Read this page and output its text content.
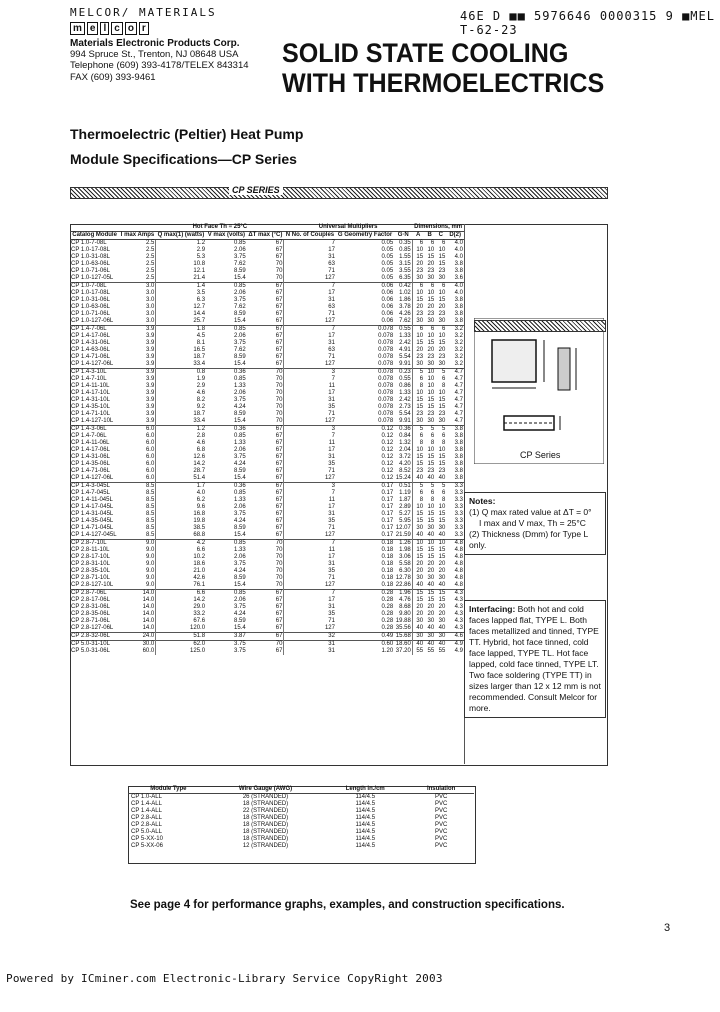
MELCOR/ MATERIALS	46E D ■■ 5976646 0000315 9 ■MEL T-62-23
m e l c o r
Materials Electronic Products Corp.
994 Spruce St., Trenton, NJ 08648 USA
Telephone (609) 393-4178/TELEX 843314
FAX (609) 393-9461
SOLID STATE COOLING
WITH THERMOELECTRICS
Thermoelectric (Peltier) Heat Pump
Module Specifications—CP Series
CP SERIES
		Hot Face Th = 25°C			Universal Multipliers			Dimensions, mm			
Catalog Module	I max Amps	Q max(1) (watts)	V max (volts)	ΔT max (°C)	N No. of Couples	G Geometry Factor	G·N	A	B	C	D(2)
CP 1.0-7-08L	2.5	1.2	0.85	67	7	0.05	0.35	6	6	6	4.0
CP 1.0-17-08L	2.5	2.9	2.06	67	17	0.05	0.85	10	10	10	4.0
CP 1.0-31-08L	2.5	5.3	3.75	67	31	0.05	1.55	15	15	15	4.0
CP 1.0-63-06L	2.5	10.8	7.62	70	63	0.05	3.15	20	20	15	3.8
CP 1.0-71-06L	2.5	12.1	8.59	70	71	0.05	3.55	23	23	23	3.8
CP 1.0-127-05L	2.5	21.4	15.4	70	127	0.05	6.35	30	30	30	3.6
CP 1.0-7-08L	3.0	1.4	0.85	67	7	0.06	0.42	6	6	6	4.0
CP 1.0-17-08L	3.0	3.5	2.06	67	17	0.06	1.02	10	10	10	4.0
CP 1.0-31-06L	3.0	6.3	3.75	67	31	0.06	1.86	15	15	15	3.8
CP 1.0-63-06L	3.0	12.7	7.62	67	63	0.06	3.78	20	20	20	3.8
CP 1.0-71-06L	3.0	14.4	8.59	67	71	0.06	4.26	23	23	23	3.8
CP 1.0-127-06L	3.0	25.7	15.4	67	127	0.06	7.62	30	30	30	3.8
CP 1.4-7-06L	3.9	1.8	0.85	67	7	0.078	0.55	6	6	6	3.2
CP 1.4-17-06L	3.9	4.5	2.06	67	17	0.078	1.33	10	10	10	3.2
CP 1.4-31-06L	3.9	8.1	3.75	67	31	0.078	2.42	15	15	15	3.2
CP 1.4-63-06L	3.9	16.5	7.62	67	63	0.078	4.91	20	20	20	3.2
CP 1.4-71-06L	3.9	18.7	8.59	67	71	0.078	5.54	23	23	23	3.2
CP 1.4-127-06L	3.9	33.4	15.4	67	127	0.078	9.91	30	30	30	3.2
CP 1.4-3-10L	3.9	0.8	0.36	70	3	0.078	0.23	5	10	5	4.7
CP 1.4-7-10L	3.9	1.9	0.85	70	7	0.078	0.55	6	10	6	4.7
CP 1.4-11-10L	3.9	2.9	1.33	70	11	0.078	0.86	8	10	8	4.7
CP 1.4-17-10L	3.9	4.6	2.06	70	17	0.078	1.33	10	10	10	4.7
CP 1.4-31-10L	3.9	8.2	3.75	70	31	0.078	2.42	15	15	15	4.7
CP 1.4-35-10L	3.9	9.2	4.24	70	35	0.078	2.73	15	15	15	4.7
CP 1.4-71-10L	3.9	18.7	8.59	70	71	0.078	5.54	23	23	23	4.7
CP 1.4-127-10L	3.9	33.4	15.4	70	127	0.078	9.91	30	30	30	4.7
CP 1.4-3-06L	6.0	1.2	0.36	67	3	0.12	0.36	5	5	5	3.8
CP 1.4-7-06L	6.0	2.8	0.85	67	7	0.12	0.84	6	6	6	3.8
CP 1.4-11-06L	6.0	4.6	1.33	67	11	0.12	1.32	8	8	8	3.8
CP 1.4-17-06L	6.0	6.8	2.06	67	17	0.12	2.04	10	10	10	3.8
CP 1.4-31-06L	6.0	12.6	3.75	67	31	0.12	3.72	15	15	15	3.8
CP 1.4-35-06L	6.0	14.2	4.24	67	35	0.12	4.20	15	15	15	3.8
CP 1.4-71-06L	6.0	28.7	8.59	67	71	0.12	8.52	23	23	23	3.8
CP 1.4-127-06L	6.0	51.4	15.4	67	127	0.12	15.24	40	40	40	3.8
CP 1.4-3-045L	8.5	1.7	0.36	67	3	0.17	0.51	5	5	5	3.3
CP 1.4-7-045L	8.5	4.0	0.85	67	7	0.17	1.19	6	6	6	3.3
CP 1.4-11-045L	8.5	6.2	1.33	67	11	0.17	1.87	8	8	8	3.3
CP 1.4-17-045L	8.5	9.6	2.06	67	17	0.17	2.89	10	10	10	3.3
CP 1.4-31-045L	8.5	16.8	3.75	67	31	0.17	5.27	15	15	15	3.3
CP 1.4-35-045L	8.5	19.8	4.24	67	35	0.17	5.95	15	15	15	3.3
CP 1.4-71-045L	8.5	38.5	8.59	67	71	0.17	12.07	30	30	30	3.3
CP 1.4-127-045L	8.5	68.8	15.4	67	127	0.17	21.59	40	40	40	3.3
CP 2.8-7-10L	9.0	4.2	0.85	70	7	0.18	1.26	10	10	10	4.8
CP 2.8-11-10L	9.0	6.6	1.33	70	11	0.18	1.98	15	15	15	4.8
CP 2.8-17-10L	9.0	10.2	2.06	70	17	0.18	3.06	15	15	15	4.8
CP 2.8-31-10L	9.0	18.6	3.75	70	31	0.18	5.58	20	20	20	4.8
CP 2.8-35-10L	9.0	21.0	4.24	70	35	0.18	6.30	20	20	20	4.8
CP 2.8-71-10L	9.0	42.6	8.59	70	71	0.18	12.78	30	30	30	4.8
CP 2.8-127-10L	9.0	76.1	15.4	70	127	0.18	22.86	40	40	40	4.8
CP 2.8-7-06L	14.0	6.6	0.85	67	7	0.28	1.96	15	15	15	4.3
CP 2.8-17-06L	14.0	14.2	2.06	67	17	0.28	4.76	15	15	15	4.3
CP 2.8-31-06L	14.0	29.0	3.75	67	31	0.28	8.68	20	20	20	4.3
CP 2.8-35-06L	14.0	33.2	4.24	67	35	0.28	9.80	20	20	20	4.3
CP 2.8-71-06L	14.0	67.6	8.59	67	71	0.28	19.88	30	30	30	4.3
CP 2.8-127-06L	14.0	120.0	15.4	67	127	0.28	35.56	40	40	40	4.3
CP 2.8-32-06L	24.0	51.8	3.87	67	32	0.49	15.68	30	30	30	4.6
CP 5.0-31-10L	30.0	62.0	3.75	70	31	0.60	18.60	40	40	40	4.9
CP 5.0-31-06L	60.0	125.0	3.75	67	31	1.20	37.20	55	55	55	4.9
CP Series
Notes:
(1) Q max rated value at ΔT = 0°
I max and V max, Th = 25°C
(2) Thickness (Dmm) for Type L only.
Interfacing: Both hot and cold faces lapped flat, TYPE L. Both faces metallized and tinned, TYPE TT. Hybrid, hot face tinned, cold face lapped, TYPE TL. Hot face lapped, cold face tinned, TYPE LT. Two face soldering (TYPE TT) in sizes larger than 12 x 12 mm is not recommended. Consult Melcor for more.
Module Type	Wire Gauge (AWG)	Length in./cm	Insulation
CP 1.0-ALL	26 (STRANDED)	114/4.5	PVC
CP 1.4-ALL	18 (STRANDED)	114/4.5	PVC
CP 1.4-ALL	22 (STRANDED)	114/4.5	PVC
CP 2.8-ALL	18 (STRANDED)	114/4.5	PVC
CP 2.8-ALL	18 (STRANDED)	114/4.5	PVC
CP 5.0-ALL	18 (STRANDED)	114/4.5	PVC
CP 5-XX-10	18 (STRANDED)	114/4.5	PVC
CP 5-XX-06	12 (STRANDED)	114/4.5	PVC
See page 4 for performance graphs, examples, and construction specifications.
3
Powered by ICminer.com Electronic-Library Service CopyRight 2003
